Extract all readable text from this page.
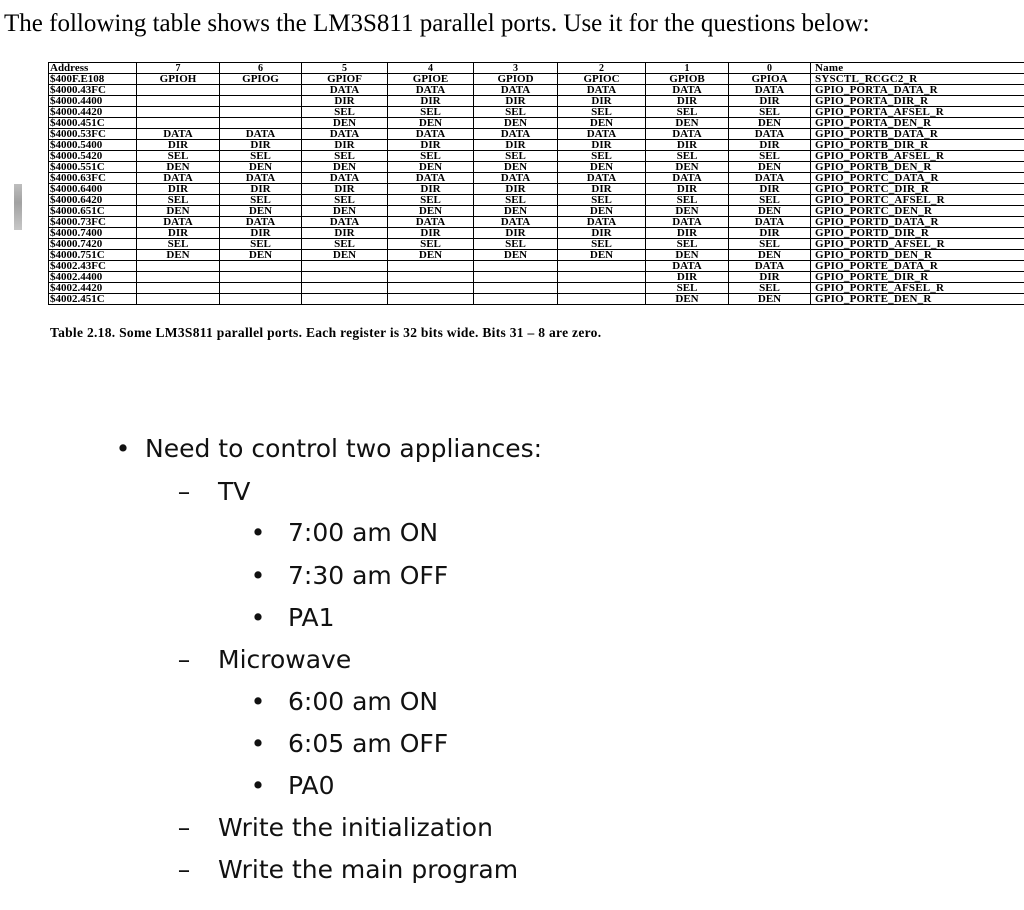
The following table shows the LM3S811 parallel ports. Use it for the questions below:
Address	7	6	5	4	3	2	1	0	Name
$400F.E108	GPIOH	GPIOG	GPIOF	GPIOE	GPIOD	GPIOC	GPIOB	GPIOA	SYSCTL_RCGC2_R
$4000.43FC			DATA	DATA	DATA	DATA	DATA	DATA	GPIO_PORTA_DATA_R
$4000.4400			DIR	DIR	DIR	DIR	DIR	DIR	GPIO_PORTA_DIR_R
$4000.4420			SEL	SEL	SEL	SEL	SEL	SEL	GPIO_PORTA_AFSEL_R
$4000.451C			DEN	DEN	DEN	DEN	DEN	DEN	GPIO_PORTA_DEN_R
$4000.53FC	DATA	DATA	DATA	DATA	DATA	DATA	DATA	DATA	GPIO_PORTB_DATA_R
$4000.5400	DIR	DIR	DIR	DIR	DIR	DIR	DIR	DIR	GPIO_PORTB_DIR_R
$4000.5420	SEL	SEL	SEL	SEL	SEL	SEL	SEL	SEL	GPIO_PORTB_AFSEL_R
$4000.551C	DEN	DEN	DEN	DEN	DEN	DEN	DEN	DEN	GPIO_PORTB_DEN_R
$4000.63FC	DATA	DATA	DATA	DATA	DATA	DATA	DATA	DATA	GPIO_PORTC_DATA_R
$4000.6400	DIR	DIR	DIR	DIR	DIR	DIR	DIR	DIR	GPIO_PORTC_DIR_R
$4000.6420	SEL	SEL	SEL	SEL	SEL	SEL	SEL	SEL	GPIO_PORTC_AFSEL_R
$4000.651C	DEN	DEN	DEN	DEN	DEN	DEN	DEN	DEN	GPIO_PORTC_DEN_R
$4000.73FC	DATA	DATA	DATA	DATA	DATA	DATA	DATA	DATA	GPIO_PORTD_DATA_R
$4000.7400	DIR	DIR	DIR	DIR	DIR	DIR	DIR	DIR	GPIO_PORTD_DIR_R
$4000.7420	SEL	SEL	SEL	SEL	SEL	SEL	SEL	SEL	GPIO_PORTD_AFSEL_R
$4000.751C	DEN	DEN	DEN	DEN	DEN	DEN	DEN	DEN	GPIO_PORTD_DEN_R
$4002.43FC							DATA	DATA	GPIO_PORTE_DATA_R
$4002.4400							DIR	DIR	GPIO_PORTE_DIR_R
$4002.4420							SEL	SEL	GPIO_PORTE_AFSEL_R
$4002.451C							DEN	DEN	GPIO_PORTE_DEN_R
Table 2.18. Some LM3S811 parallel ports. Each register is 32 bits wide. Bits 31 – 8 are zero.
• Need to control two appliances:
– TV
• 7:00 am ON
• 7:30 am OFF
• PA1
– Microwave
• 6:00 am ON
• 6:05 am OFF
• PA0
– Write the initialization
– Write the main program
